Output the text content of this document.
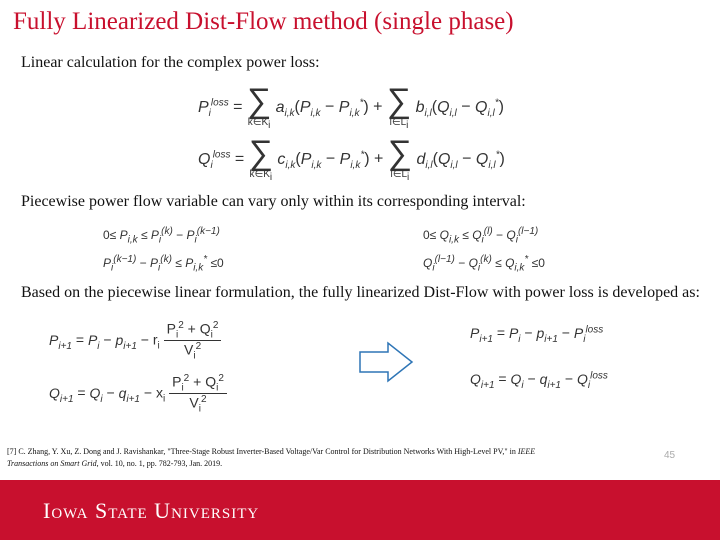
Fully Linearized Dist-Flow method (single phase)
Linear calculation for the complex power loss:
$P_i^{loss}$ = ∑
$k\in K_i$
$a_{i,k}(P_{i,k} - P_{i,k}^*)$ + ∑
$l\in L_i$
$b_{i,l}(Q_{i,l} - Q_{i,l}^*)$
$Q_i^{loss}$ = ∑
$k\in K_i$
$c_{i,k}(P_{i,k} - P_{i,k}^*)$ + ∑
$l\in L_i$
$d_{i,l}(Q_{i,l} - Q_{i,l}^*)$
Piecewise power flow variable can vary only within its corresponding interval:
$0\le P_{i,k} \le P_i^{(k)} - P_i^{(k-1)}$
$P_i^{(k-1)} - P_i^{(k)} \le P_{i,k}^* \le 0$
$0\le Q_{i,k} \le Q_i^{(l)} - Q_i^{(l-1)}$
$Q_i^{(l-1)} - Q_i^{(k)} \le Q_{i,k}^* \le 0$
Based on the piecewise linear formulation, the fully linearized Dist-Flow with power loss is developed as:
$P_{i+1} = P_i - p_{i+1} - r_i \frac{P_i^2 + Q_i^2}{V_i^2}$
$Q_{i+1} = Q_i - q_{i+1} - x_i \frac{P_i^2 + Q_i^2}{V_i^2}$
$P_{i+1} = P_i - p_{i+1} - P_i^{loss}$
$Q_{i+1} = Q_i - q_{i+1} - Q_i^{loss}$
[7] C. Zhang, Y. Xu, Z. Dong and J. Ravishankar, "Three-Stage Robust Inverter-Based Voltage/Var Control for Distribution Networks With High-Level PV," in IEEE
Transactions on Smart Grid, vol. 10, no. 1, pp. 782-793, Jan. 2019.
45
Iowa State University
